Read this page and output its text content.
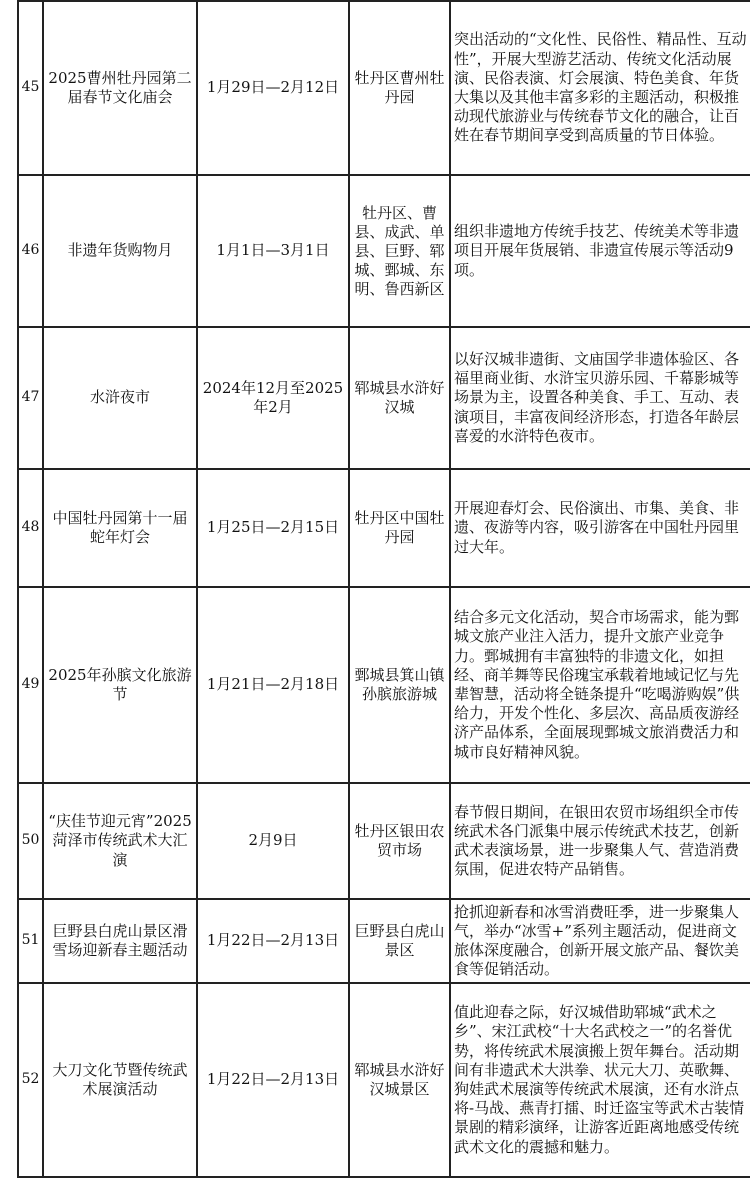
45	2025曹州牡丹园第二届春节文化庙会	1月29日—2月12日	牡丹区曹州牡丹园	突出活动的“文化性、民俗性、精品性、互动性”，开展大型游艺活动、传统文化活动展演、民俗表演、灯会展演、特色美食、年货大集以及其他丰富多彩的主题活动，积极推动现代旅游业与传统春节文化的融合，让百姓在春节期间享受到高质量的节日体验。
46	非遗年货购物月	1月1日—3月1日	牡丹区、曹县、成武、单县、巨野、郓城、鄄城、东明、鲁西新区	组织非遗地方传统手技艺、传统美术等非遗项目开展年货展销、非遗宣传展示等活动9项。
47	水浒夜市	2024年12月至2025年2月	郓城县水浒好汉城	以好汉城非遗街、文庙国学非遗体验区、各福里商业街、水浒宝贝游乐园、千幕影城等场景为主，设置各种美食、手工、互动、表演项目，丰富夜间经济形态，打造各年龄层喜爱的水浒特色夜市。
48	中国牡丹园第十一届蛇年灯会	1月25日—2月15日	牡丹区中国牡丹园	开展迎春灯会、民俗演出、市集、美食、非遗、夜游等内容，吸引游客在中国牡丹园里过大年。
49	2025年孙膑文化旅游节	1月21日—2月18日	鄄城县箕山镇孙膑旅游城	结合多元文化活动，契合市场需求，能为鄄城文旅产业注入活力，提升文旅产业竞争力。鄄城拥有丰富独特的非遗文化，如担经、商羊舞等民俗瑰宝承载着地域记忆与先辈智慧，活动将全链条提升“吃喝游购娱”供给力，开发个性化、多层次、高品质夜游经济产品体系，全面展现鄄城文旅消费活力和城市良好精神风貌。
50	“庆佳节迎元宵”2025菏泽市传统武术大汇演	2月9日	牡丹区银田农贸市场	春节假日期间，在银田农贸市场组织全市传统武术各门派集中展示传统武术技艺，创新武术表演场景，进一步聚集人气、营造消费氛围，促进农特产品销售。
51	巨野县白虎山景区滑雪场迎新春主题活动	1月22日—2月13日	巨野县白虎山景区	抢抓迎新春和冰雪消费旺季，进一步聚集人气，举办“冰雪+”系列主题活动，促进商文旅体深度融合，创新开展文旅产品、餐饮美食等促销活动。
52	大刀文化节暨传统武术展演活动	1月22日—2月13日	郓城县水浒好汉城景区	值此迎春之际，好汉城借助郓城“武术之乡”、宋江武校“十大名武校之一”的名誉优势，将传统武术展演搬上贺年舞台。活动期间有非遗武术大洪拳、状元大刀、英歌舞、狗娃武术展演等传统武术展演，还有水浒点将-马战、燕青打擂、时迁盗宝等武术古装情景剧的精彩演绎，让游客近距离地感受传统武术文化的震撼和魅力。
